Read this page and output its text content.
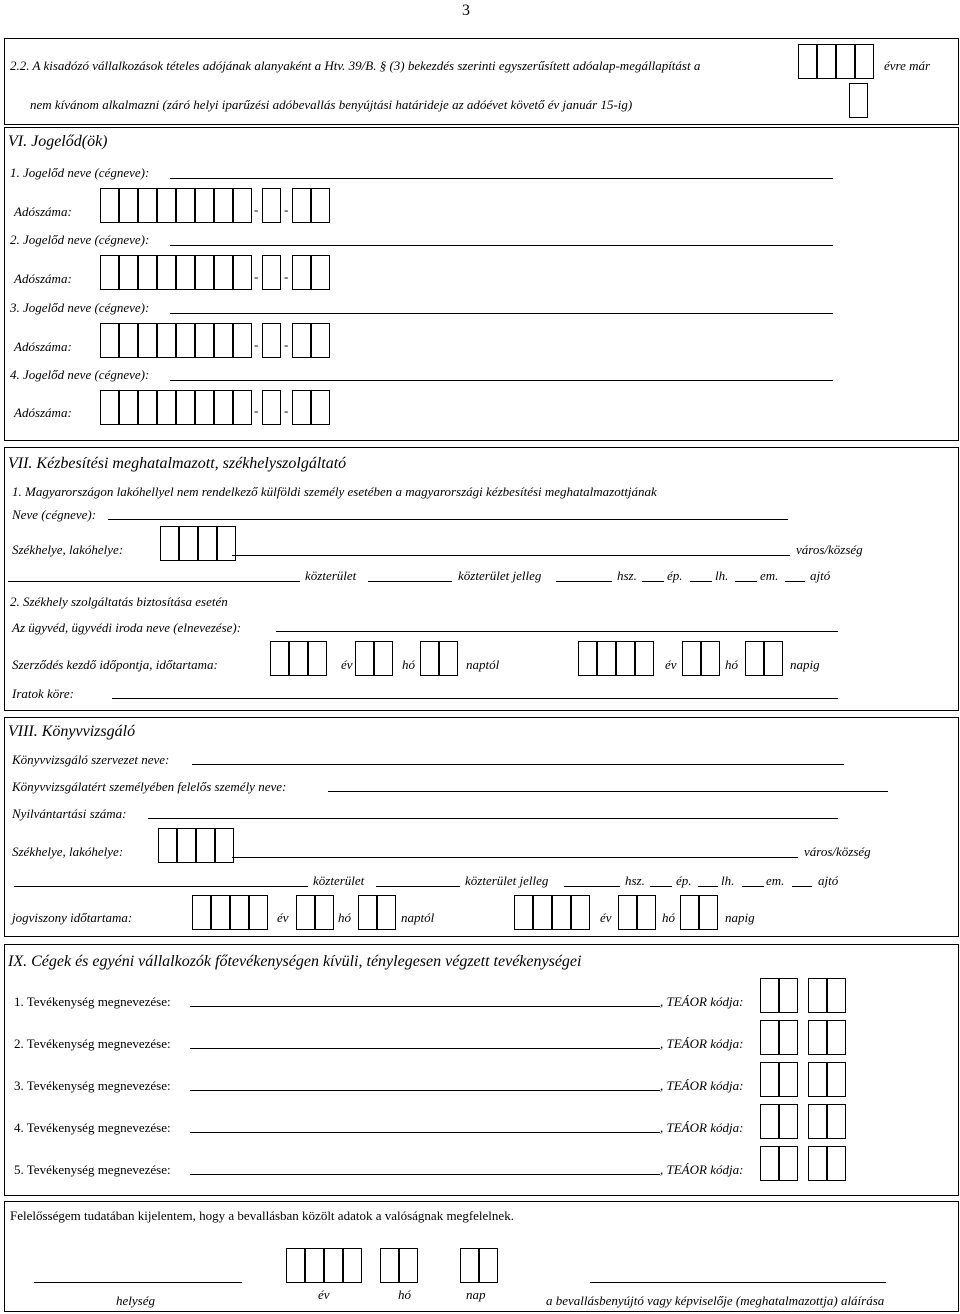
3
2.2. A kisadózó vállalkozások tételes adójának alanyaként a Htv. 39/B. § (3) bekezdés szerinti egyszerűsített adóalap-megállapítást a	évre már
nem kívánom alkalmazni (záró helyi iparűzési adóbevallás benyújtási határideje az adóévet követő év január 15-ig)
VI. Jogelőd(ök)
1. Jogelőd neve (cégneve):
Adószáma:	- -
2. Jogelőd neve (cégneve):
Adószáma:	- -
3. Jogelőd neve (cégneve):
Adószáma:	- -
4. Jogelőd neve (cégneve):
Adószáma:	- -
VII. Kézbesítési meghatalmazott, székhelyszolgáltató
1. Magyarországon lakóhellyel nem rendelkező külföldi személy esetében a magyarországi kézbesítési meghatalmazottjának
Neve (cégneve):
Székhelye, lakóhelye:	város/község
közterület	közterület jelleg	hsz. ép. lh. em. ajtó
2. Székhely szolgáltatás biztosítása esetén
Az ügyvéd, ügyvédi iroda neve (elnevezése):
Szerződés kezdő időpontja, időtartama:	év	hó	naptól	év	hó	napig
Iratok köre:
VIII. Könyvvizsgáló
Könyvvizsgáló szervezet neve:
Könyvvizsgálatért személyében felelős személy neve:
Nyilvántartási száma:
Székhelye, lakóhelye:	város/község
közterület	közterület jelleg	hsz. ép. lh. em.	ajtó
jogviszony időtartama:	év	hó	naptól	év	hó	napig
IX. Cégek és egyéni vállalkozók főtevékenységen kívüli, ténylegesen végzett tevékenységei
1. Tevékenység megnevezése:	, TEÁOR kódja:
2. Tevékenység megnevezése:	, TEÁOR kódja:
3. Tevékenység megnevezése:	, TEÁOR kódja:
4. Tevékenység megnevezése:	, TEÁOR kódja:
5. Tevékenység megnevezése:	, TEÁOR kódja:
Felelősségem tudatában kijelentem, hogy a bevallásban közölt adatok a valóságnak megfelelnek.
helység	év	hó	nap	a bevallásbenyújtó vagy képviselője (meghatalmazottja) aláírása
